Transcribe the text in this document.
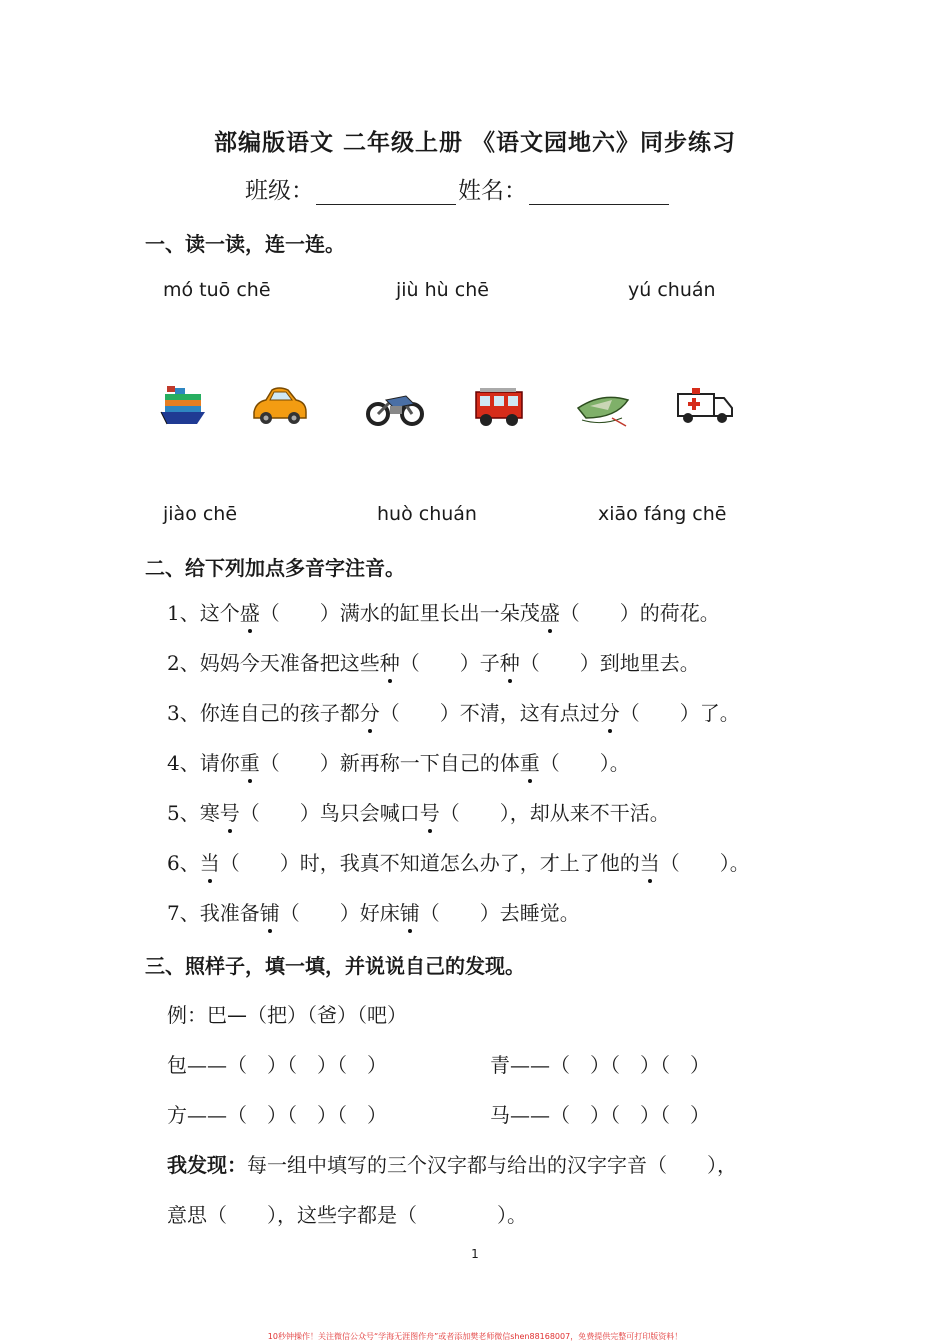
部编版语文 二年级上册 《语文园地六》同步练习
班级：	姓名：
一、读一读，连一连。
mó tuō chē	jiù hù chē	yú chuán
jiào chē	huò chuán	xiāo fáng chē
二、给下列加点多音字注音。
1、这个盛（　　）满水的缸里长出一朵茂盛（　　）的荷花。
2、妈妈今天准备把这些种（　　）子种（　　）到地里去。
3、你连自己的孩子都分（　　）不清，这有点过分（　　）了。
4、请你重（　　）新再称一下自己的体重（　　）。
5、寒号（　　）鸟只会喊口号（　　），却从来不干活。
6、当（　　）时，我真不知道怎么办了，才上了他的当（　　）。
7、我准备铺（　　）好床铺（　　）去睡觉。
三、照样子，填一填，并说说自己的发现。
例：巴—（把）（爸）（吧）
包——（　）（　）（　）	青——（　）（　）（　）
方——（　）（　）（　）	马——（　）（　）（　）
我发现：每一组中填写的三个汉字都与给出的汉字字音（　　），
意思（　　），这些字都是（　　　　）。
1
10秒钟操作！关注微信公众号“学海无涯图作舟”或者添加樊老师微信shen88168007，免费提供完整可打印版资料！
